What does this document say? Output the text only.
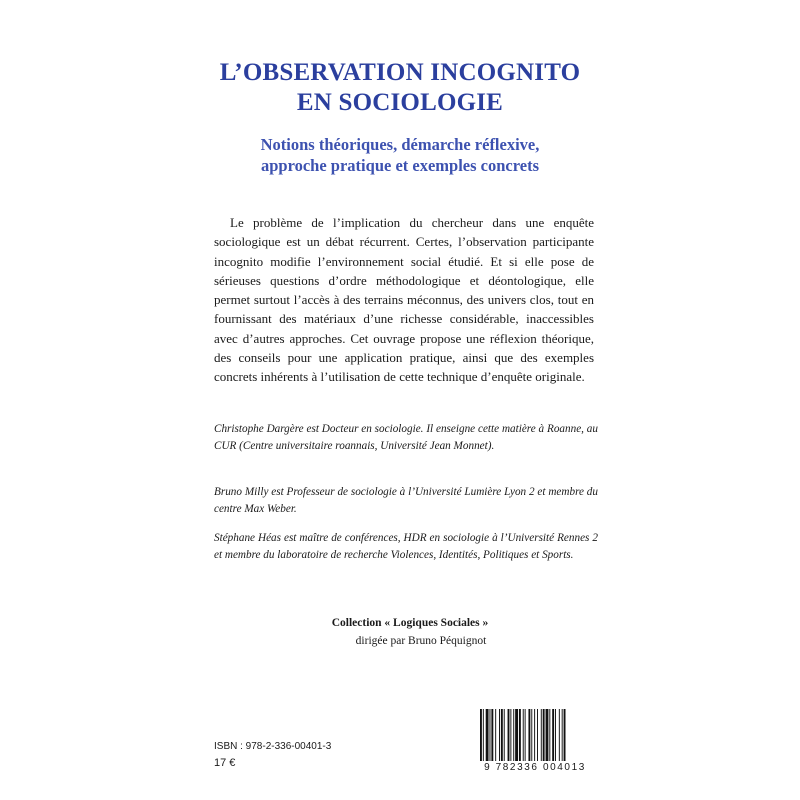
L’OBSERVATION INCOGNITO
EN SOCIOLOGIE
Notions théoriques, démarche réflexive,
approche pratique et exemples concrets

Le problème de l’implication du chercheur dans une enquête sociologique est un débat récurrent. Certes, l’observation participante incognito modifie l’environnement social étudié. Et si elle pose de sérieuses questions d’ordre méthodologique et déontologique, elle permet surtout l’accès à des terrains méconnus, des univers clos, tout en fournissant des matériaux d’une richesse considérable, inaccessibles avec d’autres approches. Cet ouvrage propose une réflexion théorique, des conseils pour une application pratique, ainsi que des exemples concrets inhérents à l’utilisation de cette technique d’enquête originale.

Christophe Dargère est Docteur en sociologie. Il enseigne cette matière à Roanne, au CUR (Centre universitaire roannais, Université Jean Monnet).

Bruno Milly est Professeur de sociologie à l’Université Lumière Lyon 2 et membre du centre Max Weber.

Stéphane Héas est maître de conférences, HDR en sociologie à l’Université Rennes 2 et membre du laboratoire de recherche Violences, Identités, Politiques et Sports.

Collection « Logiques Sociales »
dirigée par Bruno Péquignot
ISBN : 978-2-336-00401-3
17 €	9 782336 004013
